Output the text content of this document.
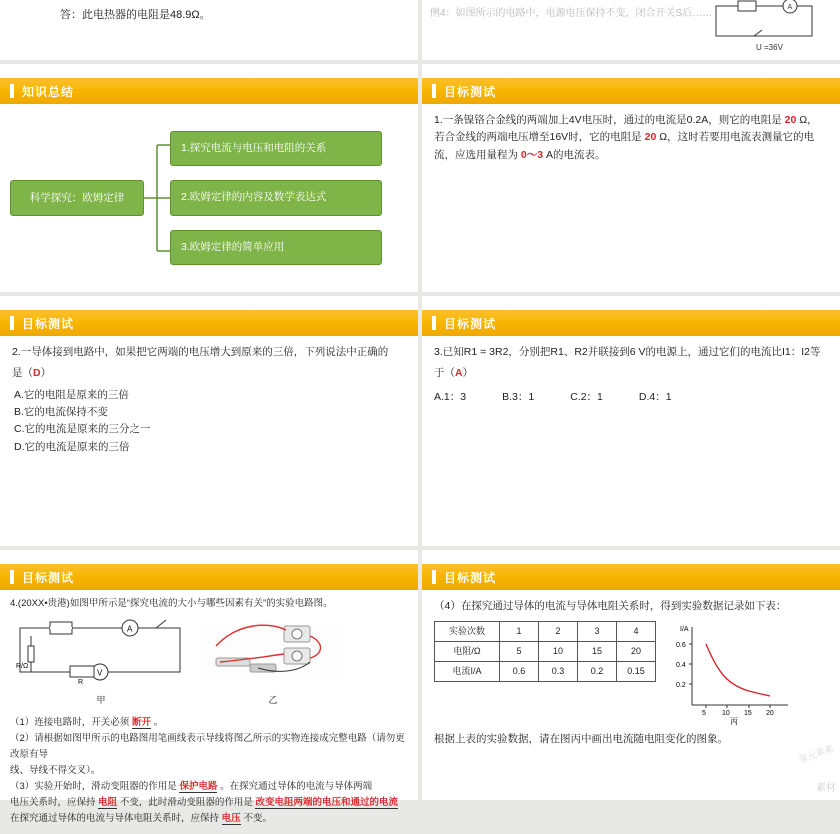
答：此电热器的电阻是48.9Ω。	例4：如图所示的电路中，电源电压保持不变，闭合开关S后……
A
U =36V
知识总结
科学探究：欧姆定律
1.探究电流与电压和电阻的关系
2.欧姆定律的内容及数学表达式
3.欧姆定律的简单应用
目标测试
1.一条镍铬合金线的两端加上4V电压时，通过的电流是0.2A，则它的电阻是 20 Ω，
若合金线的两端电压增至16V时，它的电阻是 20 Ω，这时若要用电流表测量它的电
流，应选用量程为 0～3 A的电流表。
目标测试
2.一导体接到电路中，如果把它两端的电压增大到原来的三倍，下列说法中正确的
是（D）
A.它的电阻是原来的三倍
B.它的电流保持不变
C.它的电流是原来的三分之一
D.它的电流是原来的三倍
目标测试
3.已知R1 = 3R2，分别把R1、R2并联接到6 V的电源上，通过它们的电流比I1：I2等
于（A）
A.1：3	B.3：1	C.2：1	D.4：1
目标测试
4.(20XX•贵港)如图甲所示是“探究电流的大小与哪些因素有关”的实验电路图。
A
V
R/Ω
R
甲	乙
（1）连接电路时，开关必须 断开 。
（2）请根据如图甲所示的电路图用笔画线表示导线将图乙所示的实物连接成完整电路（请勿更改原有导
线、导线不得交叉）。
（3）实验开始时，滑动变阻器的作用是 保护电路 。在探究通过导体的电流与导体两端
电压关系时，应保持 电阻 不变，此时滑动变阻器的作用是 改变电阻两端的电压和通过的电流
在探究通过导体的电流与导体电阻关系时，应保持 电压 不变。
目标测试
（4）在探究通过导体的电流与导体电阻关系时，得到实验数据记录如下表：
实验次数	1	2	3	4
电阻/Ω	5	10	15	20
电流I/A	0.6	0.3	0.2	0.15
I/A
0.6
0.4
0.2
5 10 15 20
丙
根据上表的实验数据，请在图丙中画出电流随电阻变化的图象。
氢元素素
素材
